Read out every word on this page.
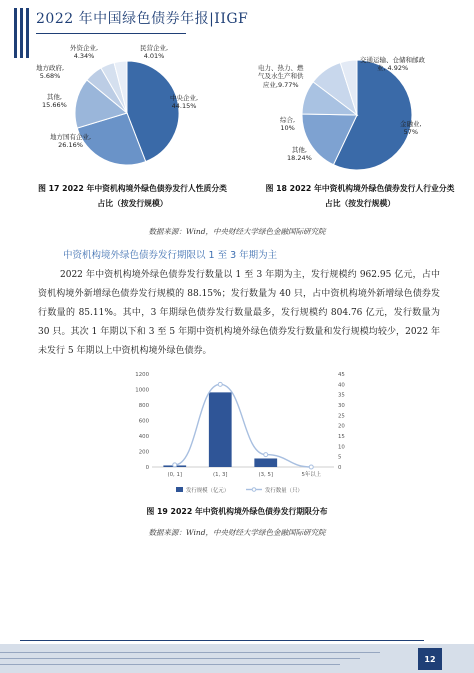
2022 年中国绿色债券年报|IIGF
外资企业,
4.34%
民营企业,
4.01%
地方政府,
5.68%
其他,
15.66%
中央企业,
44.15%
地方国有企业,
26.16%
交通运输、仓储和邮政
业, 4.92%
电力、热力、燃
气及水生产和供
应业,9.77%
综合,
10%
金融业,
57%
其他,
18.24%
图 17 2022 年中资机构境外绿色债券发行人性质分类
占比（按发行规模）
图 18 2022 年中资机构境外绿色债券发行人行业分类
占比（按发行规模）
数据来源：Wind，中央财经大学绿色金融国际研究院
中资机构境外绿色债券发行期限以 1 至 3 年期为主
2022 年中资机构境外绿色债券发行数量以 1 至 3 年期为主，发行规模约 962.95 亿元，占中资机构境外新增绿色债券发行规模的 88.15%；发行数量为 40 只，占中资机构境外新增绿色债券发行数量的 85.11%。其中，3 年期绿色债券发行数量最多，发行规模约 804.76 亿元，发行数量为 30 只。其次 1 年期以下和 3 至 5 年期中资机构境外绿色债券发行数量和发行规模均较少，2022 年未发行 5 年期以上中资机构境外绿色债券。
0
200
400
600
800
1000
1200
0
5
10
15
20
25
30
35
40
45
(0, 1]	(1, 3]	(3, 5]	5年以上
发行规模（亿元）	发行数量（只）
图 19 2022 年中资机构境外绿色债券发行期限分布
数据来源：Wind，中央财经大学绿色金融国际研究院
12
